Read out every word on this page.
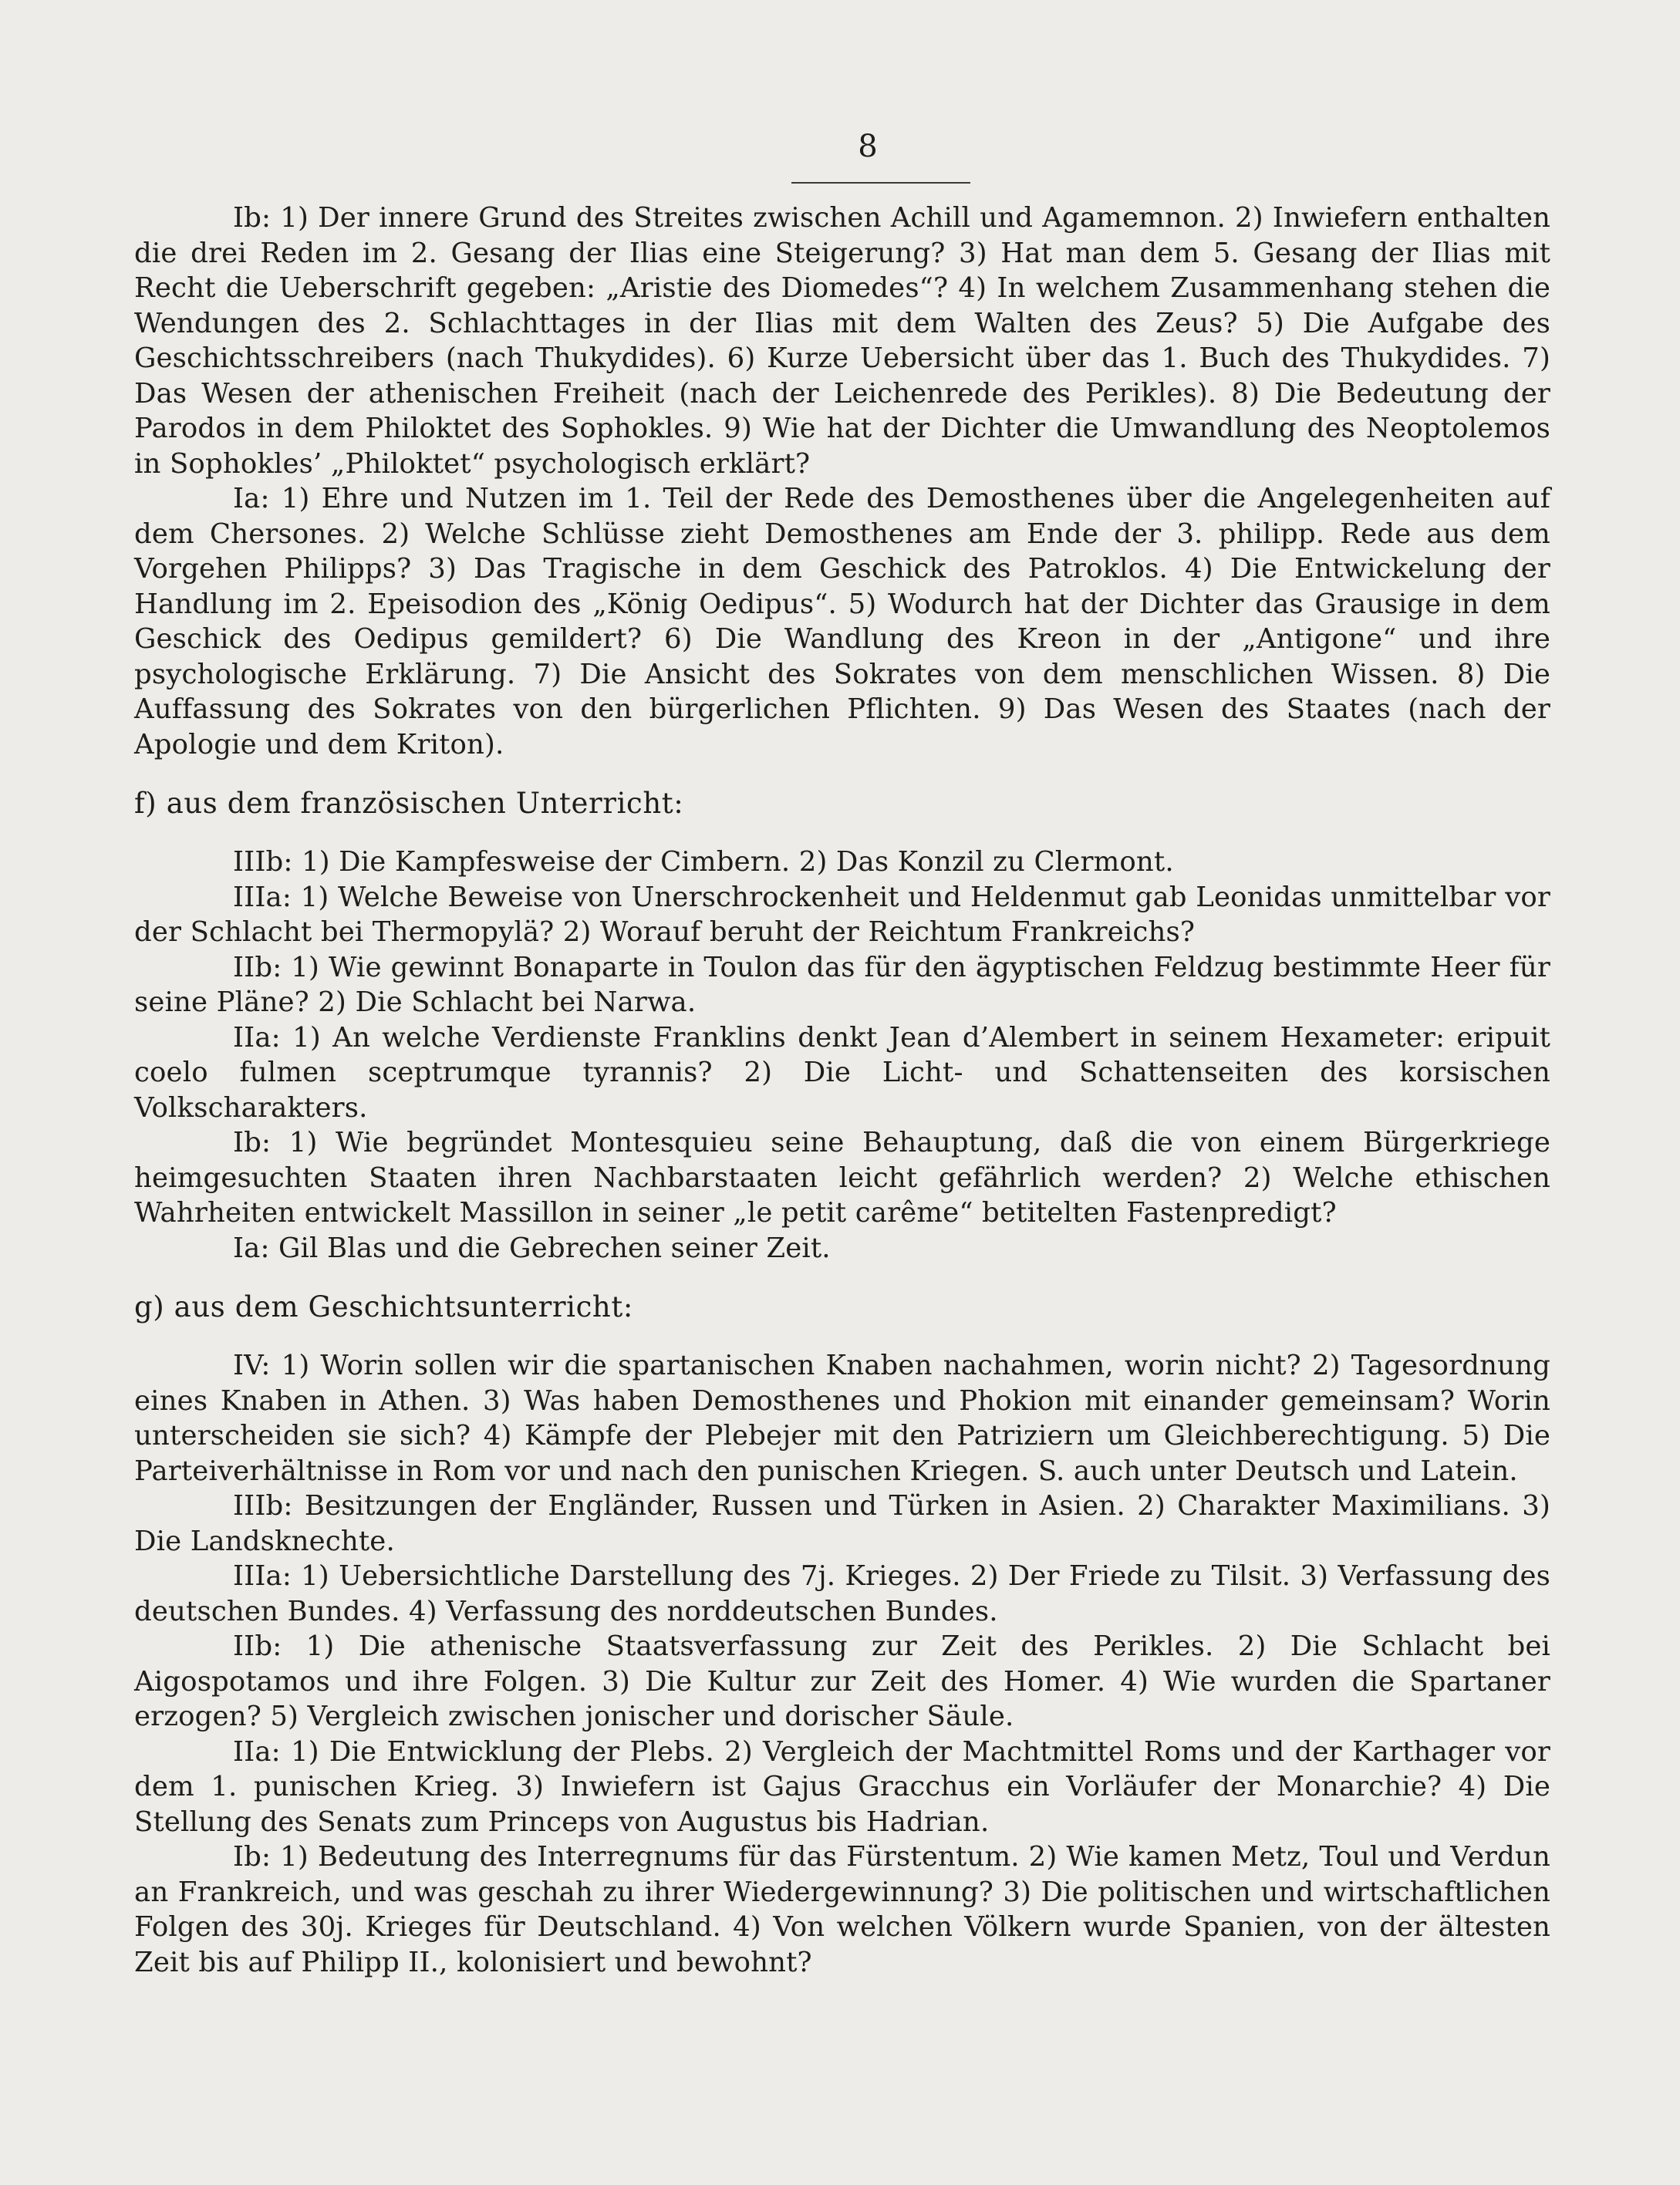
8

Ib: 1) Der innere Grund des Streites zwischen Achill und Agamemnon. 2) Inwiefern enthalten die drei Reden im 2. Gesang der Ilias eine Steigerung? 3) Hat man dem 5. Gesang der Ilias mit Recht die Ueberschrift gegeben: „Aristie des Diomedes“? 4) In welchem Zusammenhang stehen die Wendungen des 2. Schlachttages in der Ilias mit dem Walten des Zeus? 5) Die Aufgabe des Geschichtsschreibers (nach Thukydides). 6) Kurze Uebersicht über das 1. Buch des Thukydides. 7) Das Wesen der athenischen Freiheit (nach der Leichenrede des Perikles). 8) Die Bedeutung der Parodos in dem Philoktet des Sophokles. 9) Wie hat der Dichter die Umwandlung des Neoptolemos in Sophokles’ „Philoktet“ psychologisch erklärt?

Ia: 1) Ehre und Nutzen im 1. Teil der Rede des Demosthenes über die Angelegenheiten auf dem Chersones. 2) Welche Schlüsse zieht Demosthenes am Ende der 3. philipp. Rede aus dem Vorgehen Philipps? 3) Das Tragische in dem Geschick des Patroklos. 4) Die Entwickelung der Handlung im 2. Epeisodion des „König Oedipus“. 5) Wodurch hat der Dichter das Grausige in dem Geschick des Oedipus gemildert? 6) Die Wandlung des Kreon in der „Antigone“ und ihre psychologische Erklärung. 7) Die Ansicht des Sokrates von dem menschlichen Wissen. 8) Die Auffassung des Sokrates von den bürgerlichen Pflichten. 9) Das Wesen des Staates (nach der Apologie und dem Kriton).

f) aus dem französischen Unterricht:

IIIb: 1) Die Kampfesweise der Cimbern. 2) Das Konzil zu Clermont.

IIIa: 1) Welche Beweise von Unerschrockenheit und Heldenmut gab Leonidas unmittelbar vor der Schlacht bei Thermopylä? 2) Worauf beruht der Reichtum Frankreichs?

IIb: 1) Wie gewinnt Bonaparte in Toulon das für den ägyptischen Feldzug bestimmte Heer für seine Pläne? 2) Die Schlacht bei Narwa.

IIa: 1) An welche Verdienste Franklins denkt Jean d’Alembert in seinem Hexameter: eripuit coelo fulmen sceptrumque tyrannis? 2) Die Licht- und Schattenseiten des korsischen Volkscharakters.

Ib: 1) Wie begründet Montesquieu seine Behauptung, daß die von einem Bürgerkriege heimgesuchten Staaten ihren Nachbarstaaten leicht gefährlich werden? 2) Welche ethischen Wahrheiten entwickelt Massillon in seiner „le petit carême“ betitelten Fastenpredigt?

Ia: Gil Blas und die Gebrechen seiner Zeit.

g) aus dem Geschichtsunterricht:

IV: 1) Worin sollen wir die spartanischen Knaben nachahmen, worin nicht? 2) Tagesordnung eines Knaben in Athen. 3) Was haben Demosthenes und Phokion mit einander gemeinsam? Worin unterscheiden sie sich? 4) Kämpfe der Plebejer mit den Patriziern um Gleichberechtigung. 5) Die Parteiverhältnisse in Rom vor und nach den punischen Kriegen. S. auch unter Deutsch und Latein.

IIIb: Besitzungen der Engländer, Russen und Türken in Asien. 2) Charakter Maximilians. 3) Die Landsknechte.

IIIa: 1) Uebersichtliche Darstellung des 7j. Krieges. 2) Der Friede zu Tilsit. 3) Verfassung des deutschen Bundes. 4) Verfassung des norddeutschen Bundes.

IIb: 1) Die athenische Staatsverfassung zur Zeit des Perikles. 2) Die Schlacht bei Aigospotamos und ihre Folgen. 3) Die Kultur zur Zeit des Homer. 4) Wie wurden die Spartaner erzogen? 5) Vergleich zwischen jonischer und dorischer Säule.

IIa: 1) Die Entwicklung der Plebs. 2) Vergleich der Machtmittel Roms und der Karthager vor dem 1. punischen Krieg. 3) Inwiefern ist Gajus Gracchus ein Vorläufer der Monarchie? 4) Die Stellung des Senats zum Princeps von Augustus bis Hadrian.

Ib: 1) Bedeutung des Interregnums für das Fürstentum. 2) Wie kamen Metz, Toul und Verdun an Frankreich, und was geschah zu ihrer Wiedergewinnung? 3) Die politischen und wirtschaftlichen Folgen des 30j. Krieges für Deutschland. 4) Von welchen Völkern wurde Spanien, von der ältesten Zeit bis auf Philipp II., kolonisiert und bewohnt?
